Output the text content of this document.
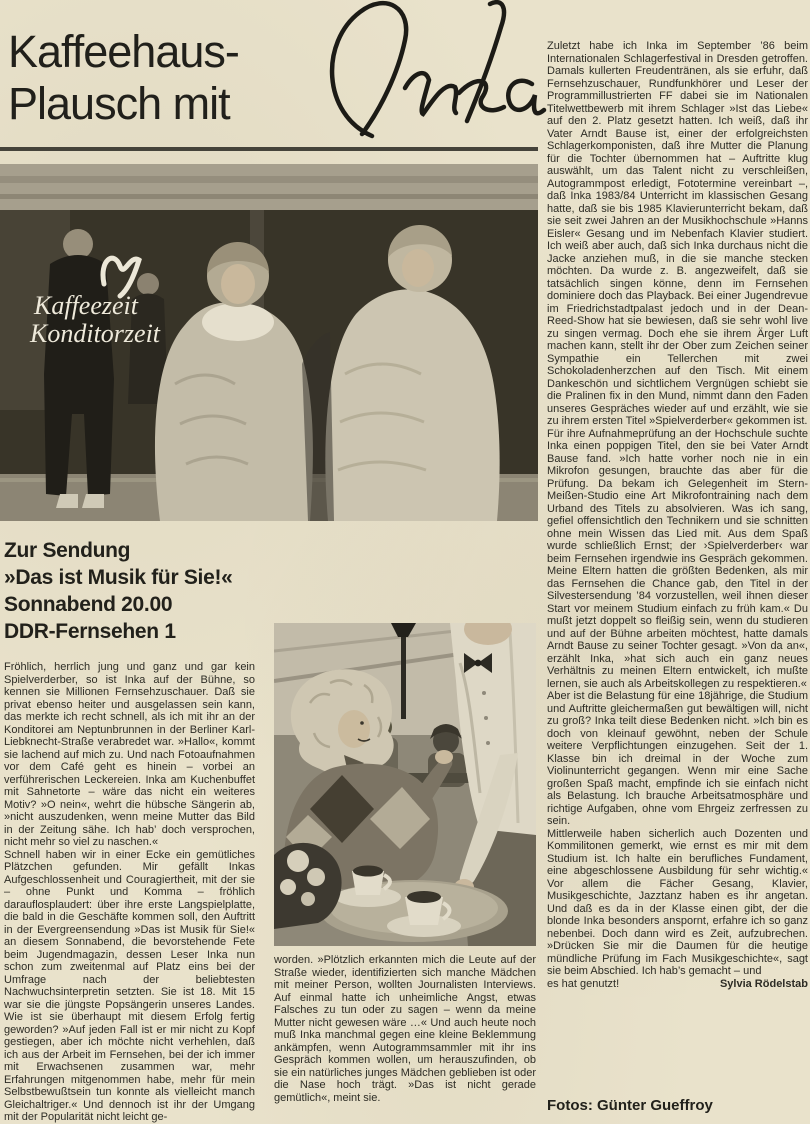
Kaffeehaus-
Plausch mit
Kaffeezeit
Konditorzeit
Zur Sendung
»Das ist Musik für Sie!«
Sonnabend 20.00
DDR-Fernsehen 1

Fröhlich, herrlich jung und ganz und gar kein Spielverderber, so ist Inka auf der Bühne, so kennen sie Millionen Fernsehzuschauer. Daß sie privat ebenso heiter und ausgelassen sein kann, das merkte ich recht schnell, als ich mit ihr an der Konditorei am Neptunbrunnen in der Berliner Karl-Liebknecht-Straße verabredet war. »Hallo«, kommt sie lachend auf mich zu. Und nach Fotoaufnahmen vor dem Café geht es hinein – vorbei an verführerischen Leckereien. Inka am Kuchenbuffet mit Sahnetorte – wäre das nicht ein weiteres Motiv? »O nein«, wehrt die hübsche Sängerin ab, »nicht auszudenken, wenn meine Mutter das Bild in der Zeitung sähe. Ich hab’ doch versprochen, nicht mehr so viel zu naschen.«

Schnell haben wir in einer Ecke ein gemütliches Plätzchen gefunden. Mir gefällt Inkas Aufgeschlossenheit und Couragiertheit, mit der sie – ohne Punkt und Komma – fröhlich darauflosplaudert: über ihre erste Langspielplatte, die bald in die Geschäfte kommen soll, den Auftritt in der Evergreensendung »Das ist Musik für Sie!« an diesem Sonnabend, die bevorstehende Fete beim Jugendmagazin, dessen Leser Inka nun schon zum zweitenmal auf Platz eins bei der Umfrage nach der beliebtesten Nachwuchsinterpretin setzten. Sie ist 18. Mit 15 war sie die jüngste Popsängerin unseres Landes. Wie ist sie überhaupt mit diesem Erfolg fertig geworden? »Auf jeden Fall ist er mir nicht zu Kopf gestiegen, aber ich möchte nicht verhehlen, daß ich aus der Arbeit im Fernsehen, bei der ich immer mit Erwachsenen zusammen war, mehr Erfahrungen mitgenommen habe, mehr für mein Selbstbewußtsein tun konnte als vielleicht manch Gleichaltriger.« Und dennoch ist ihr der Umgang mit der Popularität nicht leicht ge-

worden. »Plötzlich erkannten mich die Leute auf der Straße wieder, identifizierten sich manche Mädchen mit meiner Person, wollten Journalisten Interviews. Auf einmal hatte ich unheimliche Angst, etwas Falsches zu tun oder zu sagen – wenn da meine Mutter nicht gewesen wäre …« Und auch heute noch muß Inka manchmal gegen eine kleine Beklemmung ankämpfen, wenn Autogrammsammler mit ihr ins Gespräch kommen wollen, um herauszufinden, ob sie ein natürliches junges Mädchen geblieben ist oder die Nase hoch trägt. »Das ist nicht gerade gemütlich«, meint sie.

Zuletzt habe ich Inka im September ’86 beim Internationalen Schlagerfestival in Dresden getroffen. Damals kullerten Freudentränen, als sie erfuhr, daß Fernsehzuschauer, Rundfunkhörer und Leser der Programmillustrierten FF dabei sie im Nationalen Titelwettbewerb mit ihrem Schlager »Ist das Liebe« auf den 2. Platz gesetzt hatten. Ich weiß, daß ihr Vater Arndt Bause ist, einer der erfolgreichsten Schlagerkomponisten, daß ihre Mutter die Planung für die Tochter übernommen hat – Auftritte klug auswählt, um das Talent nicht zu verschleißen, Autogrammpost erledigt, Fototermine vereinbart –, daß Inka 1983/84 Unterricht im klassischen Gesang hatte, daß sie bis 1985 Klavierunterricht bekam, daß sie seit zwei Jahren an der Musikhochschule »Hanns Eisler« Gesang und im Nebenfach Klavier studiert. Ich weiß aber auch, daß sich Inka durchaus nicht die Jacke anziehen muß, in die sie manche stecken möchten. Da wurde z. B. angezweifelt, daß sie tatsächlich singen könne, denn im Fernsehen dominiere doch das Playback. Bei einer Jugendrevue im Friedrichstadtpalast jedoch und in der Dean-Reed-Show hat sie bewiesen, daß sie sehr wohl live zu singen vermag. Doch ehe sie ihrem Ärger Luft machen kann, stellt ihr der Ober zum Zeichen seiner Sympathie ein Tellerchen mit zwei Schokoladenherzchen auf den Tisch. Mit einem Dankeschön und sichtlichem Vergnügen schiebt sie die Pralinen fix in den Mund, nimmt dann den Faden unseres Gespräches wieder auf und erzählt, wie sie zu ihrem ersten Titel »Spielverderber« gekommen ist.

Für ihre Aufnahmeprüfung an der Hochschule suchte Inka einen poppigen Titel, den sie bei Vater Arndt Bause fand. »Ich hatte vorher noch nie in ein Mikrofon gesungen, brauchte das aber für die Prüfung. Da bekam ich Gelegenheit im Stern-Meißen-Studio eine Art Mikrofontraining nach dem Urband des Titels zu absolvieren. Was ich sang, gefiel offensichtlich den Technikern und sie schnitten ohne mein Wissen das Lied mit. Aus dem Spaß wurde schließlich Ernst; der ›Spielverderber‹ war beim Fernsehen irgendwie ins Gespräch gekommen. Meine Eltern hatten die größten Bedenken, als mir das Fernsehen die Chance gab, den Titel in der Silvestersendung ’84 vorzustellen, weil ihnen dieser Start vor meinem Studium einfach zu früh kam.« Du mußt jetzt doppelt so fleißig sein, wenn du studieren und auf der Bühne arbeiten möchtest, hatte damals Arndt Bause zu seiner Tochter gesagt. »Von da an«, erzählt Inka, »hat sich auch ein ganz neues Verhältnis zu meinen Eltern entwickelt, ich mußte lernen, sie auch als Arbeitskollegen zu respektieren.«

Aber ist die Belastung für eine 18jährige, die Studium und Auftritte gleichermaßen gut bewältigen will, nicht zu groß? Inka teilt diese Bedenken nicht. »Ich bin es doch von kleinauf gewöhnt, neben der Schule weitere Verpflichtungen einzugehen. Seit der 1. Klasse bin ich dreimal in der Woche zum Violinunterricht gegangen. Wenn mir eine Sache großen Spaß macht, empfinde ich sie einfach nicht als Belastung. Ich brauche Arbeitsatmosphäre und richtige Aufgaben, ohne vom Ehrgeiz zerfressen zu sein.

Mittlerweile haben sicherlich auch Dozenten und Kommilitonen gemerkt, wie ernst es mir mit dem Studium ist. Ich halte ein berufliches Fundament, eine abgeschlossene Ausbildung für sehr wichtig.« Vor allem die Fächer Gesang, Klavier, Musikgeschichte, Jazztanz haben es ihr angetan. Und daß es da in der Klasse einen gibt, der die blonde Inka besonders anspornt, erfahre ich so ganz nebenbei. Doch dann wird es Zeit, aufzubrechen. »Drücken Sie mir die Daumen für die heutige mündliche Prüfung im Fach Musikgeschichte«, sagt sie beim Abschied. Ich hab’s gemacht – und

es hat genutzt!	Sylvia Rödelstab
Fotos: Günter Gueffroy
